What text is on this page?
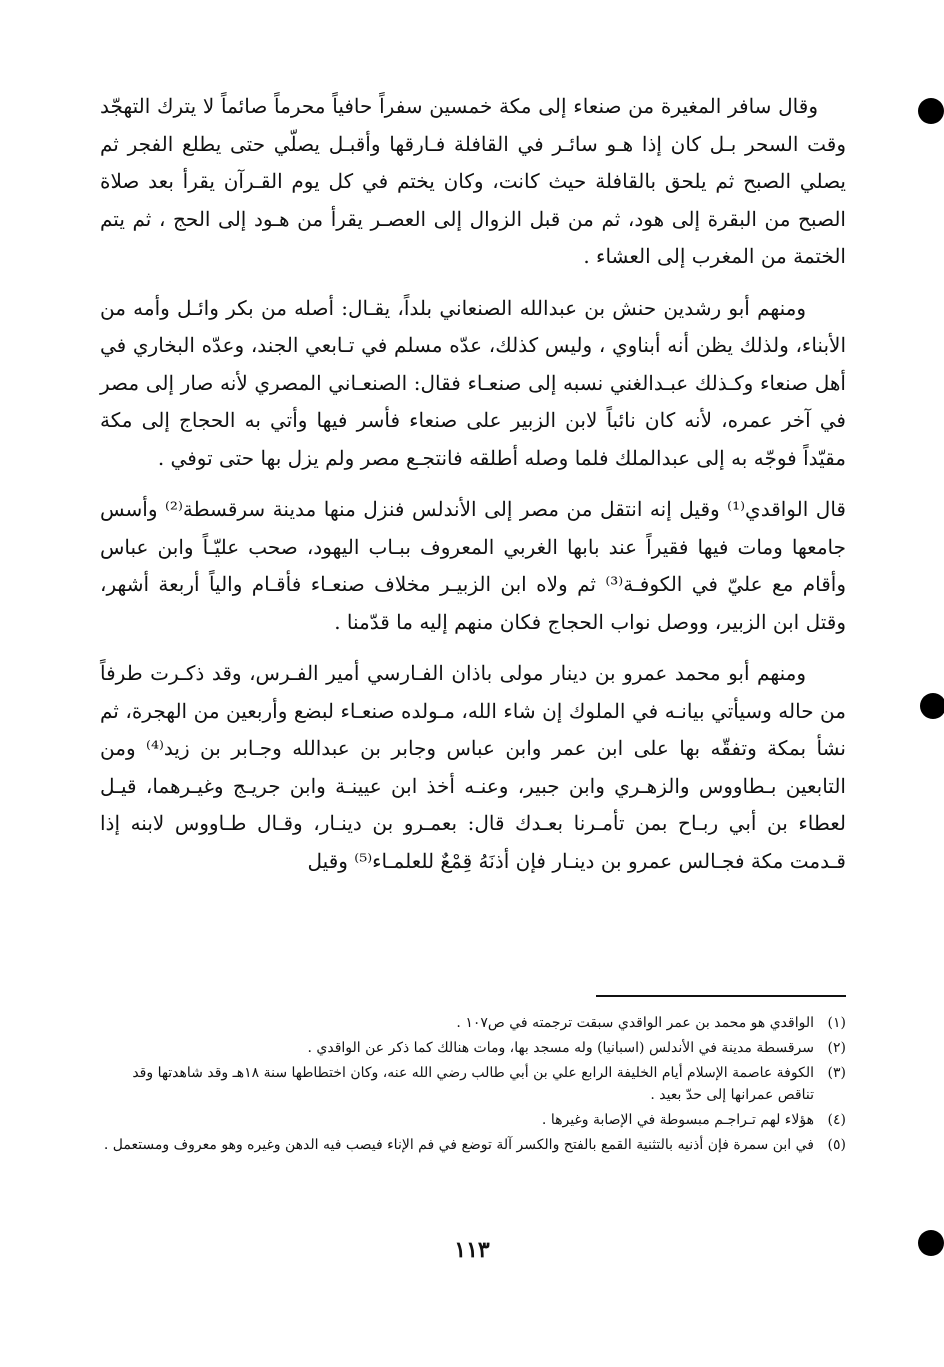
وقال سافر المغيرة من صنعاء إلى مكة خمسين سفراً حافياً محرماً صائماً لا يترك التهجّد وقت السحر بـل كان إذا هـو سائـر في القافلة فـارقها وأقبـل يصلّي حتى يطلع الفجر ثم يصلي الصبح ثم يلحق بالقافلة حيث كانت، وكان يختم في كل يوم القـرآن يقرأ بعد صلاة الصبح من البقرة إلى هود، ثم من قبل الزوال إلى العصـر يقرأ من هـود إلى الحج ، ثم يتم الختمة من المغرب إلى العشاء .

ومنهم أبو رشدين حنش بن عبدالله الصنعاني بلداً، يقـال: أصله من بكر وائـل وأمه من الأبناء، ولذلك يظن أنه أبناوي ، وليس كذلك، عدّه مسلم في تـابعي الجند، وعدّه البخاري في أهل صنعاء وكـذلك عبـدالغني نسبه إلى صنعـاء فقال: الصنعـاني المصري لأنه صار إلى مصر في آخر عمره، لأنه كان نائباً لابن الزبير على صنعاء فأسر فيها وأتي به الحجاج إلى مكة مقيّداً فوجّه به إلى عبدالملك فلما وصله أطلقه فانتجـع مصر ولم يزل بها حتى توفي .

قال الواقدي⁽¹⁾ وقيل إنه انتقل من مصر إلى الأندلس فنزل منها مدينة سرقسطة⁽²⁾ وأسس جامعها ومات فيها فقيراً عند بابها الغربي المعروف ببـاب اليهود، صحب عليّـاً وابن عباس وأقام مع عليّ في الكوفـة⁽³⁾ ثم ولاه ابن الزبيـر مخلاف صنعـاء فأقـام والياً أربعة أشهر، وقتل ابن الزبير، ووصل نواب الحجاج فكان منهم إليه ما قدّمنا .

ومنهم أبو محمد عمرو بن دينار مولى باذان الفـارسي أمير الفـرس، وقد ذكـرت طرفاً من حاله وسيأتي بيانـه في الملوك إن شاء الله، مـولده صنعـاء لبضع وأربعين من الهجرة، ثم نشأ بمكة وتفقّه بها على ابن عمر وابن عباس وجابر بن عبدالله وجـابر بن زيد⁽⁴⁾ ومن التابعين بـطاووس والزهـري وابن جبير، وعنـه أخذ ابن عيينـة وابن جريـج وغيـرهما، قيـل لعطاء بن أبي ربـاح بمن تأمـرنا بعـدك قال: بعمـرو بن دينـار، وقـال طـاووس لابنه إذا قـدمت مكة فجـالس عمرو بن دينـار فإن أذنَهُ قِمْعٌ للعلمـاء⁽⁵⁾ وقيل

(١)
الواقدي هو محمد بن عمر الواقدي سبقت ترجمته في ص١٠٧ .
(٢)
سرقسطة مدينة في الأندلس (اسبانيا) وله مسجد بها، ومات هنالك كما ذكر عن الواقدي .
(٣)
الكوفة عاصمة الإسلام أيام الخليفة الرابع علي بن أبي طالب رضي الله عنه، وكان اختطاطها سنة ١٨هـ وقد شاهدتها وقد تناقص عمرانها إلى حدّ بعيد .
(٤)
هؤلاء لهم تـراجـم مبسوطة في الإصابة وغيرها .
(٥)
في ابن سمرة فإن أذنيه بالتثنية القمع بالفتح والكسر آلة توضع في فم الإناء فيصب فيه الدهن وغيره وهو معروف ومستعمل .
١١٣
